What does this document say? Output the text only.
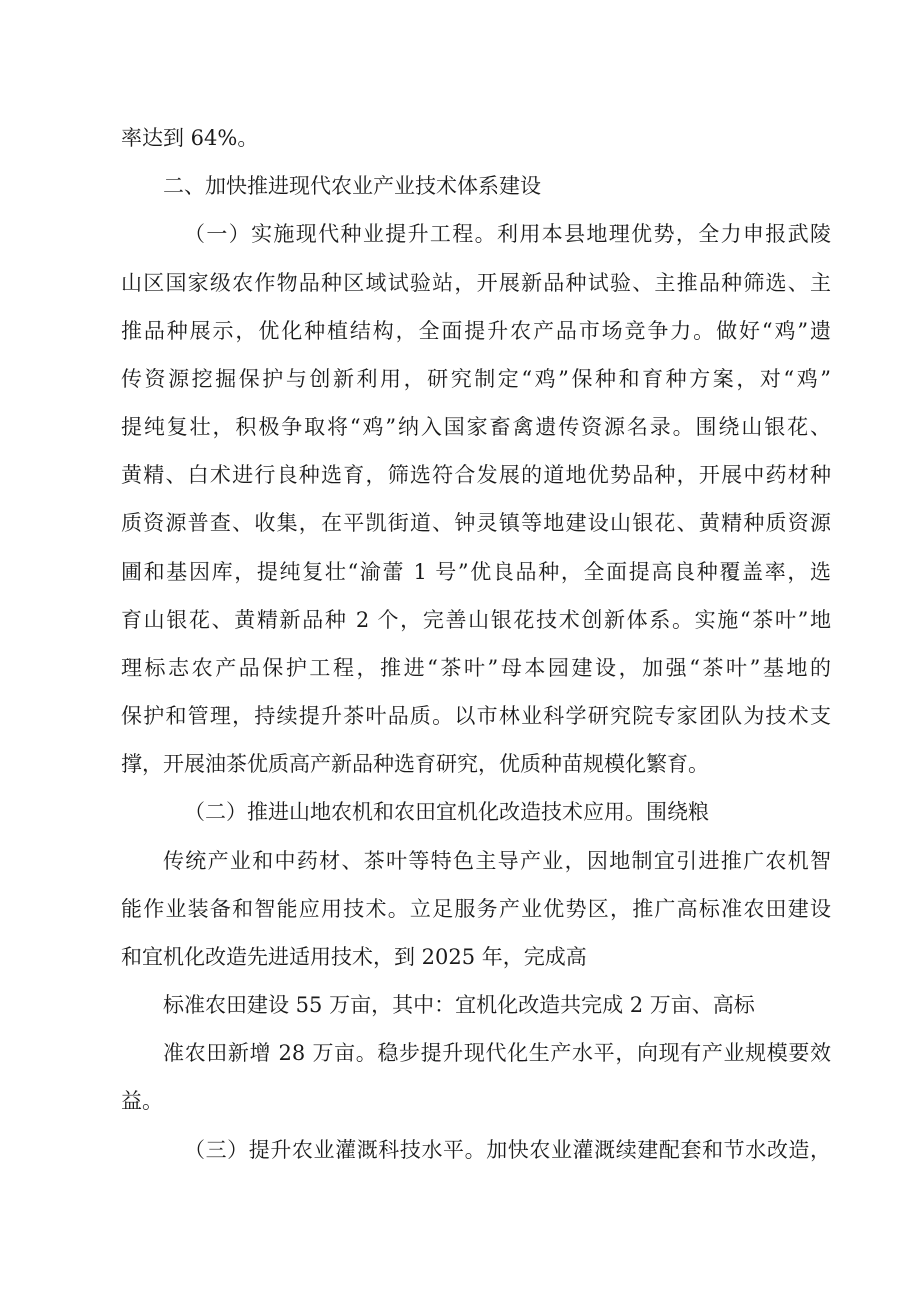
率达到 64%。
二、加快推进现代农业产业技术体系建设
（一）实施现代种业提升工程。利用本县地理优势，全力申报武陵
山区国家级农作物品种区域试验站，开展新品种试验、主推品种筛选、主
推品种展示，优化种植结构，全面提升农产品市场竞争力。做好“鸡”遗
传资源挖掘保护与创新利用，研究制定“鸡”保种和育种方案，对“鸡”
提纯复壮，积极争取将“鸡”纳入国家畜禽遗传资源名录。围绕山银花、
黄精、白术进行良种选育，筛选符合发展的道地优势品种，开展中药材种
质资源普查、收集，在平凯街道、钟灵镇等地建设山银花、黄精种质资源
圃和基因库，提纯复壮“渝蕾 1 号”优良品种，全面提高良种覆盖率，选
育山银花、黄精新品种 2 个，完善山银花技术创新体系。实施“茶叶”地
理标志农产品保护工程，推进“茶叶”母本园建设，加强“茶叶”基地的
保护和管理，持续提升茶叶品质。以市林业科学研究院专家团队为技术支
撑，开展油茶优质高产新品种选育研究，优质种苗规模化繁育。
（二）推进山地农机和农田宜机化改造技术应用。围绕粮
传统产业和中药材、茶叶等特色主导产业，因地制宜引进推广农机智
能作业装备和智能应用技术。立足服务产业优势区，推广高标准农田建设
和宜机化改造先进适用技术，到 2025 年，完成高
标准农田建设 55 万亩，其中：宜机化改造共完成 2 万亩、高标
准农田新增 28 万亩。稳步提升现代化生产水平，向现有产业规模要效
益。
（三）提升农业灌溉科技水平。加快农业灌溉续建配套和节水改造，
